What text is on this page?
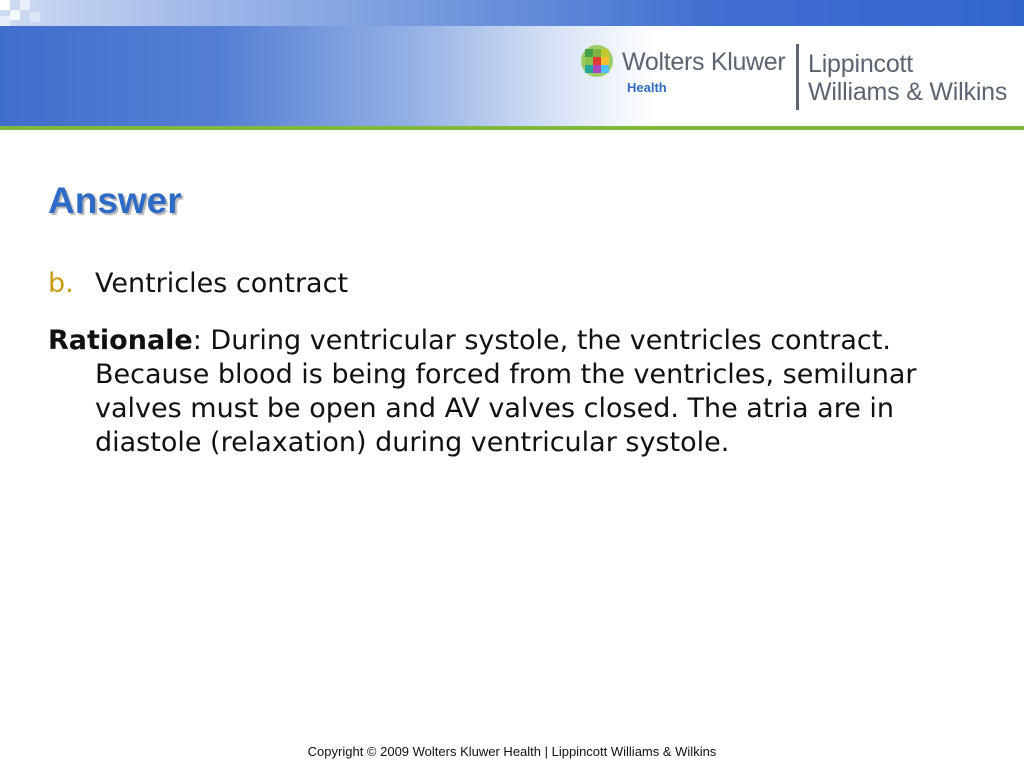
Wolters Kluwer
Health
Lippincott
Williams & Wilkins
Answer
b. Ventricles contract

Rationale: During ventricular systole, the ventricles contract. Because blood is being forced from the ventricles, semilunar valves must be open and AV valves closed. The atria are in diastole (relaxation) during ventricular systole.

Copyright © 2009 Wolters Kluwer Health | Lippincott Williams & Wilkins
